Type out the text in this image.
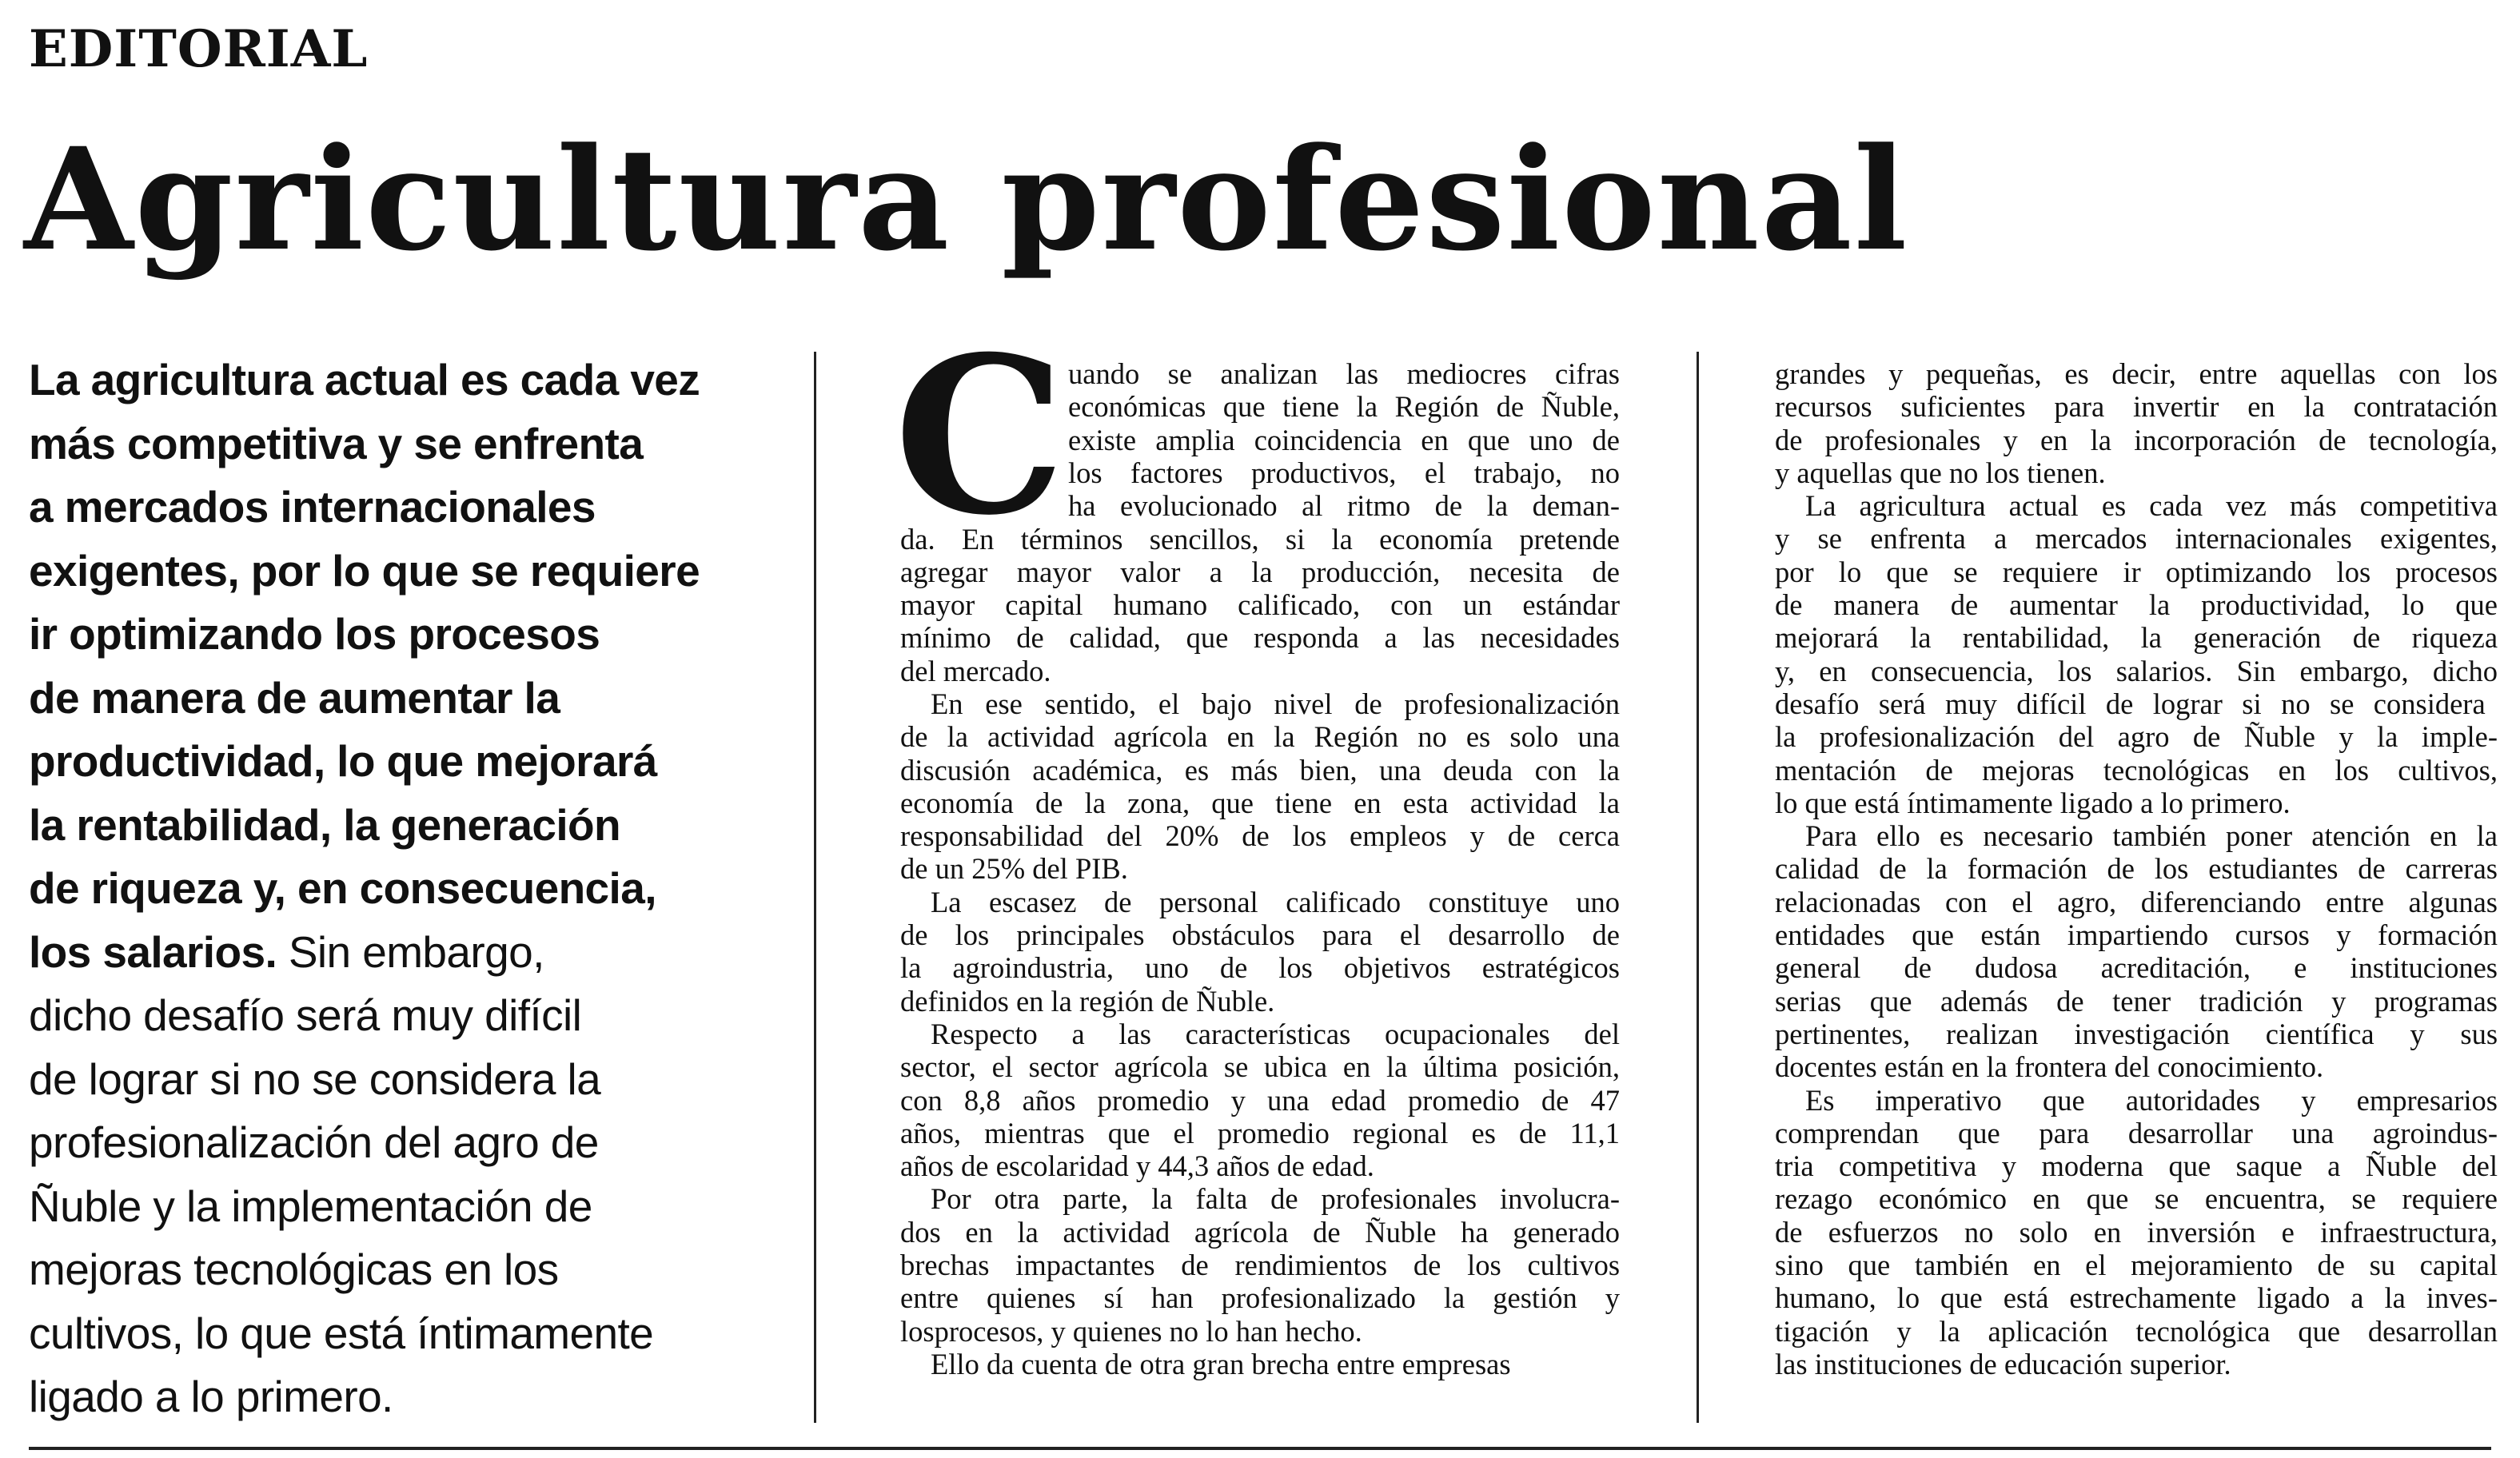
EDITORIAL
Agricultura profesional
La agricultura actual es cada vez
más competitiva y se enfrenta
a mercados internacionales
exigentes, por lo que se requiere
ir optimizando los procesos
de manera de aumentar la
productividad, lo que mejorará
la rentabilidad, la generación
de riqueza y, en consecuencia,
los salarios. Sin embargo,
dicho desafío será muy difícil
de lograr si no se considera la
profesionalización del agro de
Ñuble y la implementación de
mejoras tecnológicas en los
cultivos, lo que está íntimamente
ligado a lo primero.
C uando se analizan las mediocres cifras
económicas que tiene la Región de Ñuble,
existe amplia coincidencia en que uno de
los factores productivos, el trabajo, no
ha evolucionado al ritmo de la deman-
da. En términos sencillos, si la economía pretende
agregar mayor valor a la producción, necesita de
mayor capital humano calificado, con un estándar
mínimo de calidad, que responda a las necesidades
del mercado.
En ese sentido, el bajo nivel de profesionalización
de la actividad agrícola en la Región no es solo una
discusión académica, es más bien, una deuda con la
economía de la zona, que tiene en esta actividad la
responsabilidad del 20% de los empleos y de cerca
de un 25% del PIB.
La escasez de personal calificado constituye uno
de los principales obstáculos para el desarrollo de
la agroindustria, uno de los objetivos estratégicos
definidos en la región de Ñuble.
Respecto a las características ocupacionales del
sector, el sector agrícola se ubica en la última posición,
con 8,8 años promedio y una edad promedio de 47
años, mientras que el promedio regional es de 11,1
años de escolaridad y 44,3 años de edad.
Por otra parte, la falta de profesionales involucra-
dos en la actividad agrícola de Ñuble ha generado
brechas impactantes de rendimientos de los cultivos
entre quienes sí han profesionalizado la gestión y
losprocesos, y quienes no lo han hecho.
Ello da cuenta de otra gran brecha entre empresas
grandes y pequeñas, es decir, entre aquellas con los
recursos suficientes para invertir en la contratación
de profesionales y en la incorporación de tecnología,
y aquellas que no los tienen.
La agricultura actual es cada vez más competitiva
y se enfrenta a mercados internacionales exigentes,
por lo que se requiere ir optimizando los procesos
de manera de aumentar la productividad, lo que
mejorará la rentabilidad, la generación de riqueza
y, en consecuencia, los salarios. Sin embargo, dicho
desafío será muy difícil de lograr si no se considera
la profesionalización del agro de Ñuble y la imple-
mentación de mejoras tecnológicas en los cultivos,
lo que está íntimamente ligado a lo primero.
Para ello es necesario también poner atención en la
calidad de la formación de los estudiantes de carreras
relacionadas con el agro, diferenciando entre algunas
entidades que están impartiendo cursos y formación
general de dudosa acreditación, e instituciones
serias que además de tener tradición y programas
pertinentes, realizan investigación científica y sus
docentes están en la frontera del conocimiento.
Es imperativo que autoridades y empresarios
comprendan que para desarrollar una agroindus-
tria competitiva y moderna que saque a Ñuble del
rezago económico en que se encuentra, se requiere
de esfuerzos no solo en inversión e infraestructura,
sino que también en el mejoramiento de su capital
humano, lo que está estrechamente ligado a la inves-
tigación y la aplicación tecnológica que desarrollan
las instituciones de educación superior.
